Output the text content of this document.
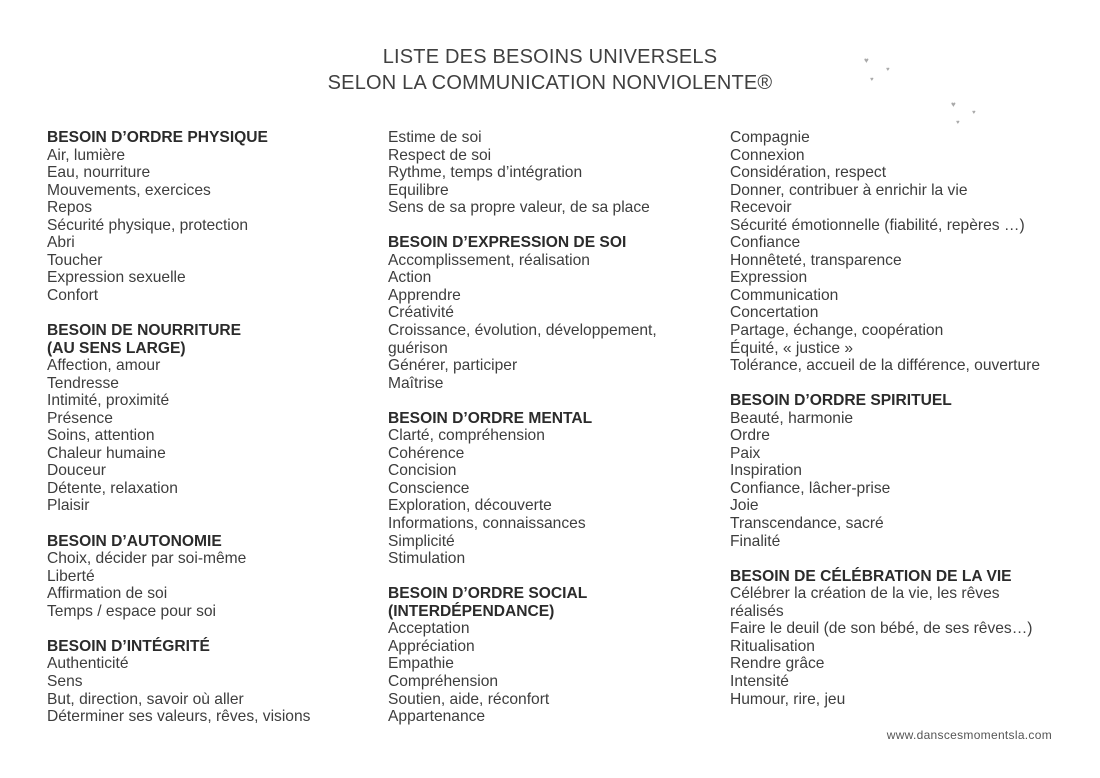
LISTE DES BESOINS UNIVERSELS
SELON LA COMMUNICATION NONVIOLENTE®
♥
♥
♥
♥
♥
♥
BESOIN D’ORDRE PHYSIQUE
Air, lumière
Eau, nourriture
Mouvements, exercices
Repos
Sécurité physique, protection
Abri
Toucher
Expression sexuelle
Confort
BESOIN DE NOURRITURE
(AU SENS LARGE)
Affection, amour
Tendresse
Intimité, proximité
Présence
Soins, attention
Chaleur humaine
Douceur
Détente, relaxation
Plaisir
BESOIN D’AUTONOMIE
Choix, décider par soi-même
Liberté
Affirmation de soi
Temps / espace pour soi
BESOIN D’INTÉGRITÉ
Authenticité
Sens
But, direction, savoir où aller
Déterminer ses valeurs, rêves, visions
Estime de soi
Respect de soi
Rythme, temps d’intégration
Equilibre
Sens de sa propre valeur, de sa place
BESOIN D’EXPRESSION DE SOI
Accomplissement, réalisation
Action
Apprendre
Créativité
Croissance, évolution, développement,
guérison
Générer, participer
Maîtrise
BESOIN D’ORDRE MENTAL
Clarté, compréhension
Cohérence
Concision
Conscience
Exploration, découverte
Informations, connaissances
Simplicité
Stimulation
BESOIN D’ORDRE SOCIAL
(INTERDÉPENDANCE)
Acceptation
Appréciation
Empathie
Compréhension
Soutien, aide, réconfort
Appartenance
Compagnie
Connexion
Considération, respect
Donner, contribuer à enrichir la vie
Recevoir
Sécurité émotionnelle (fiabilité, repères …)
Confiance
Honnêteté, transparence
Expression
Communication
Concertation
Partage, échange, coopération
Équité, « justice »
Tolérance, accueil de la différence, ouverture
BESOIN D’ORDRE SPIRITUEL
Beauté, harmonie
Ordre
Paix
Inspiration
Confiance, lâcher-prise
Joie
Transcendance, sacré
Finalité
BESOIN DE CÉLÉBRATION DE LA VIE
Célébrer la création de la vie, les rêves
réalisés
Faire le deuil (de son bébé, de ses rêves…)
Ritualisation
Rendre grâce
Intensité
Humour, rire, jeu
www.danscesmomentsla.com
